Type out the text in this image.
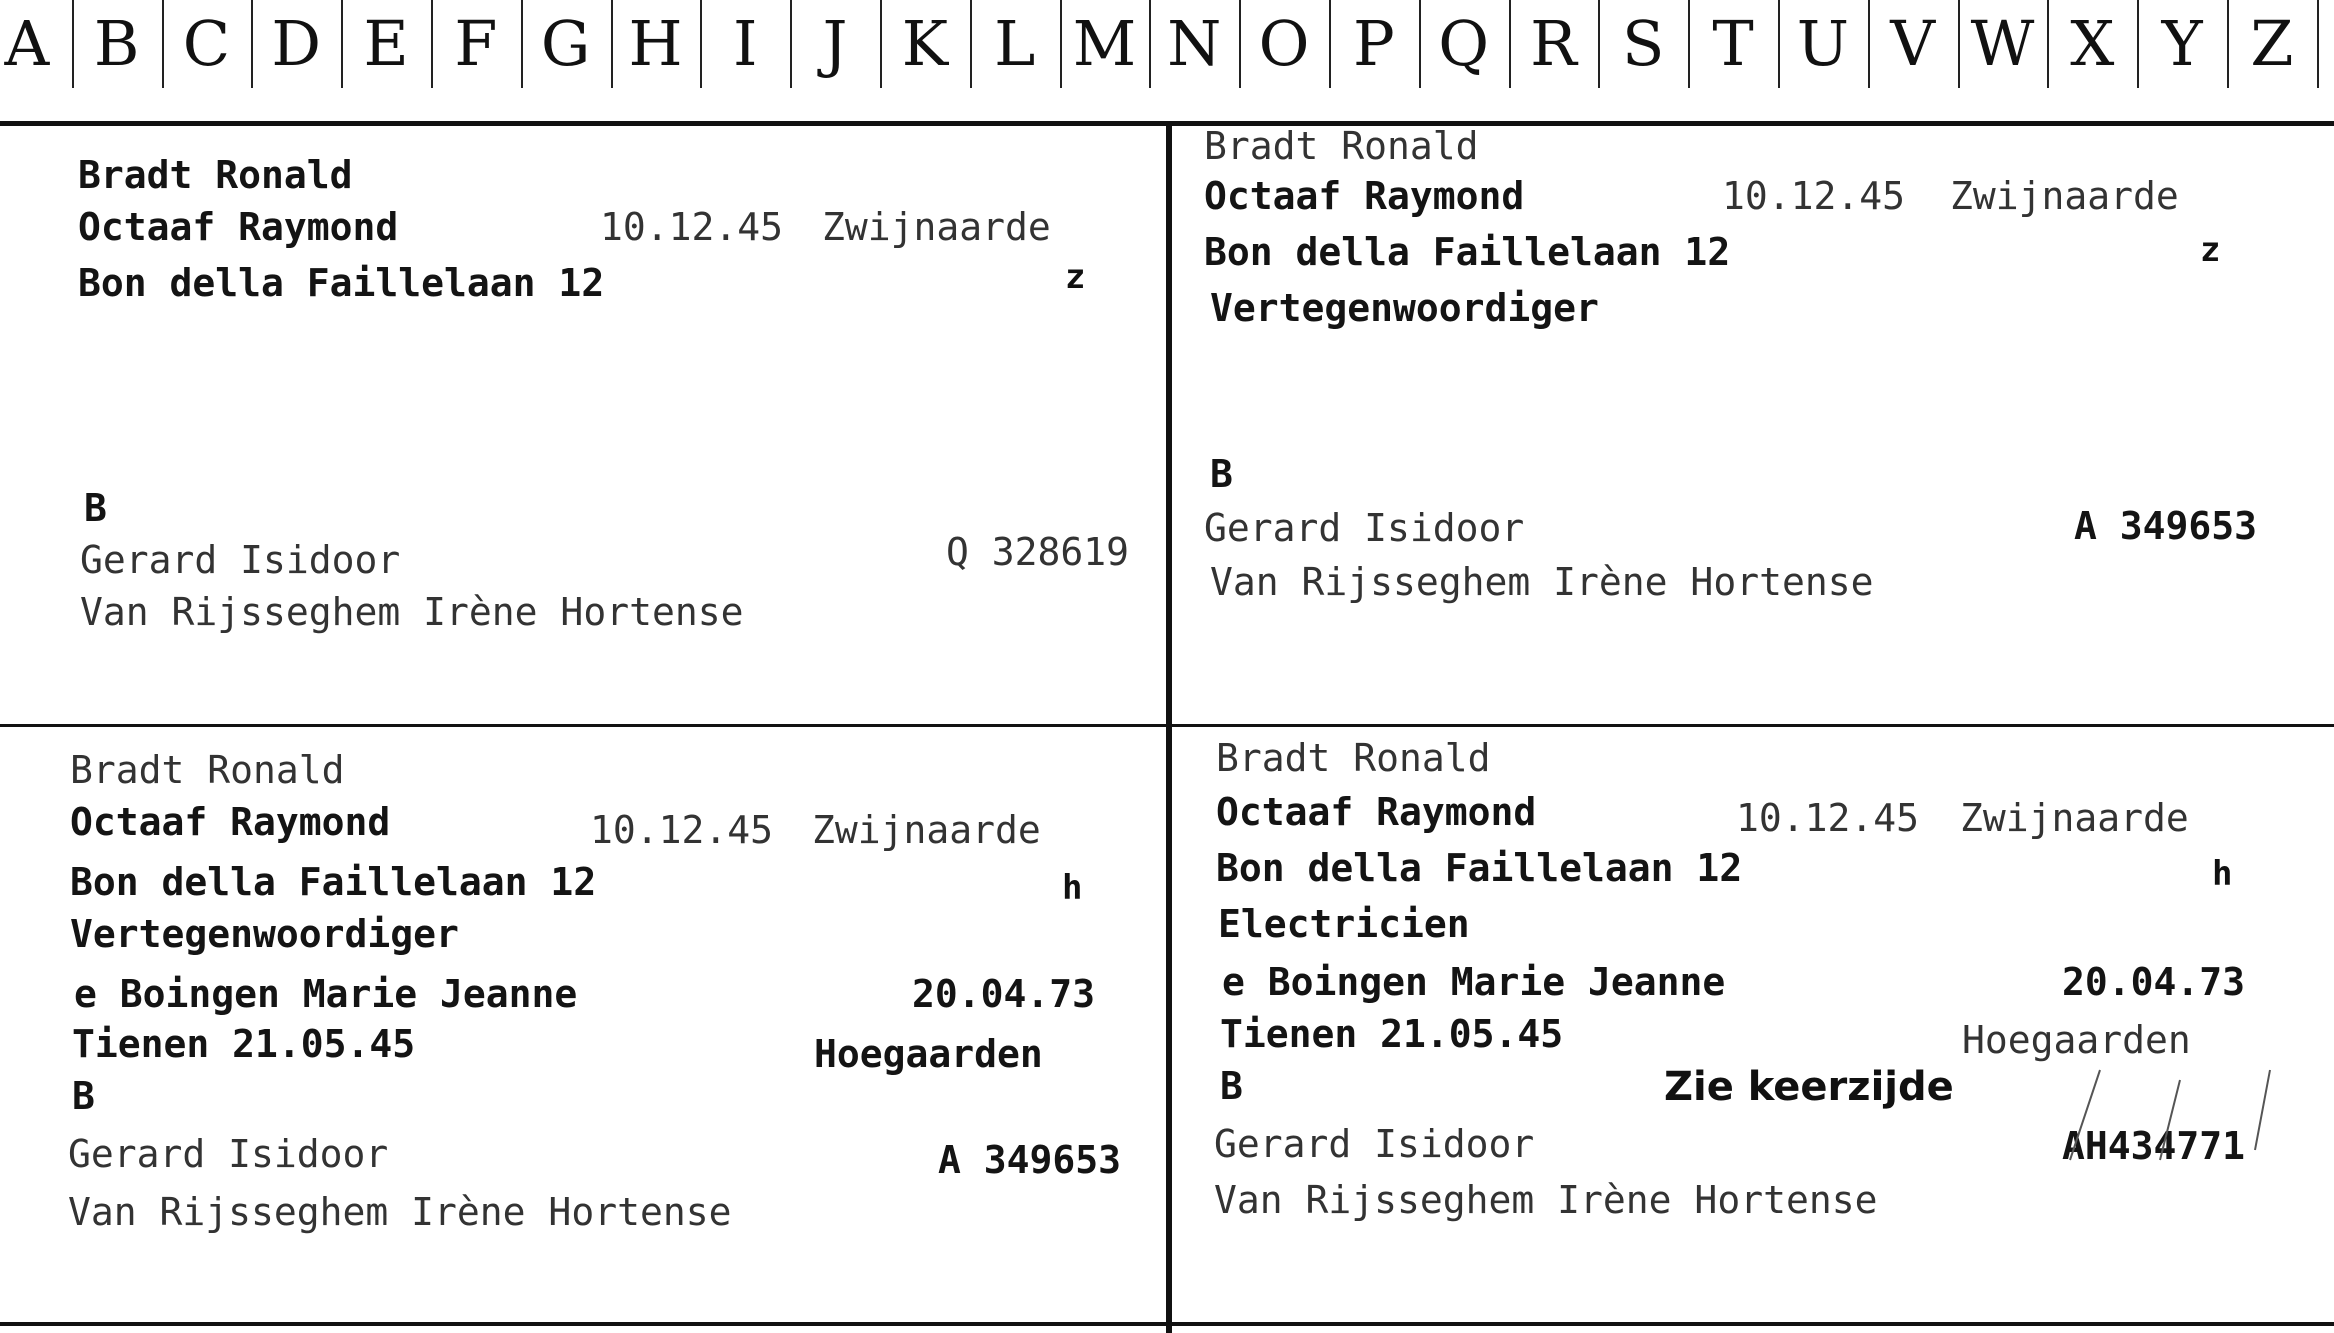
A B C D E F G H I	J K L M N O P Q R S T U V W X Y Z
Bradt Ronald
Octaaf Raymond	10.12.45 Zwijnaarde
Bon della Faillelaan 12	z
B
Gerard Isidoor	Q 328619
Van Rijsseghem Irène Hortense
Bradt Ronald
Octaaf Raymond	10.12.45 Zwijnaarde
Bon della Faillelaan 12	z
Vertegenwoordiger
B
Gerard Isidoor	A 349653
Van Rijsseghem Irène Hortense
Bradt Ronald
Octaaf Raymond	10.12.45 Zwijnaarde
Bon della Faillelaan 12	h
Vertegenwoordiger
e Boingen Marie Jeanne	20.04.73
Tienen 21.05.45	Hoegaarden
B
Gerard Isidoor	A 349653
Van Rijsseghem Irène Hortense
Bradt Ronald
Octaaf Raymond	10.12.45 Zwijnaarde
Bon della Faillelaan 12	h
Electricien
e Boingen Marie Jeanne	20.04.73
Tienen 21.05.45	Hoegaarden
B	Zie keerzijde
Gerard Isidoor	AH434771
Van Rijsseghem Irène Hortense
